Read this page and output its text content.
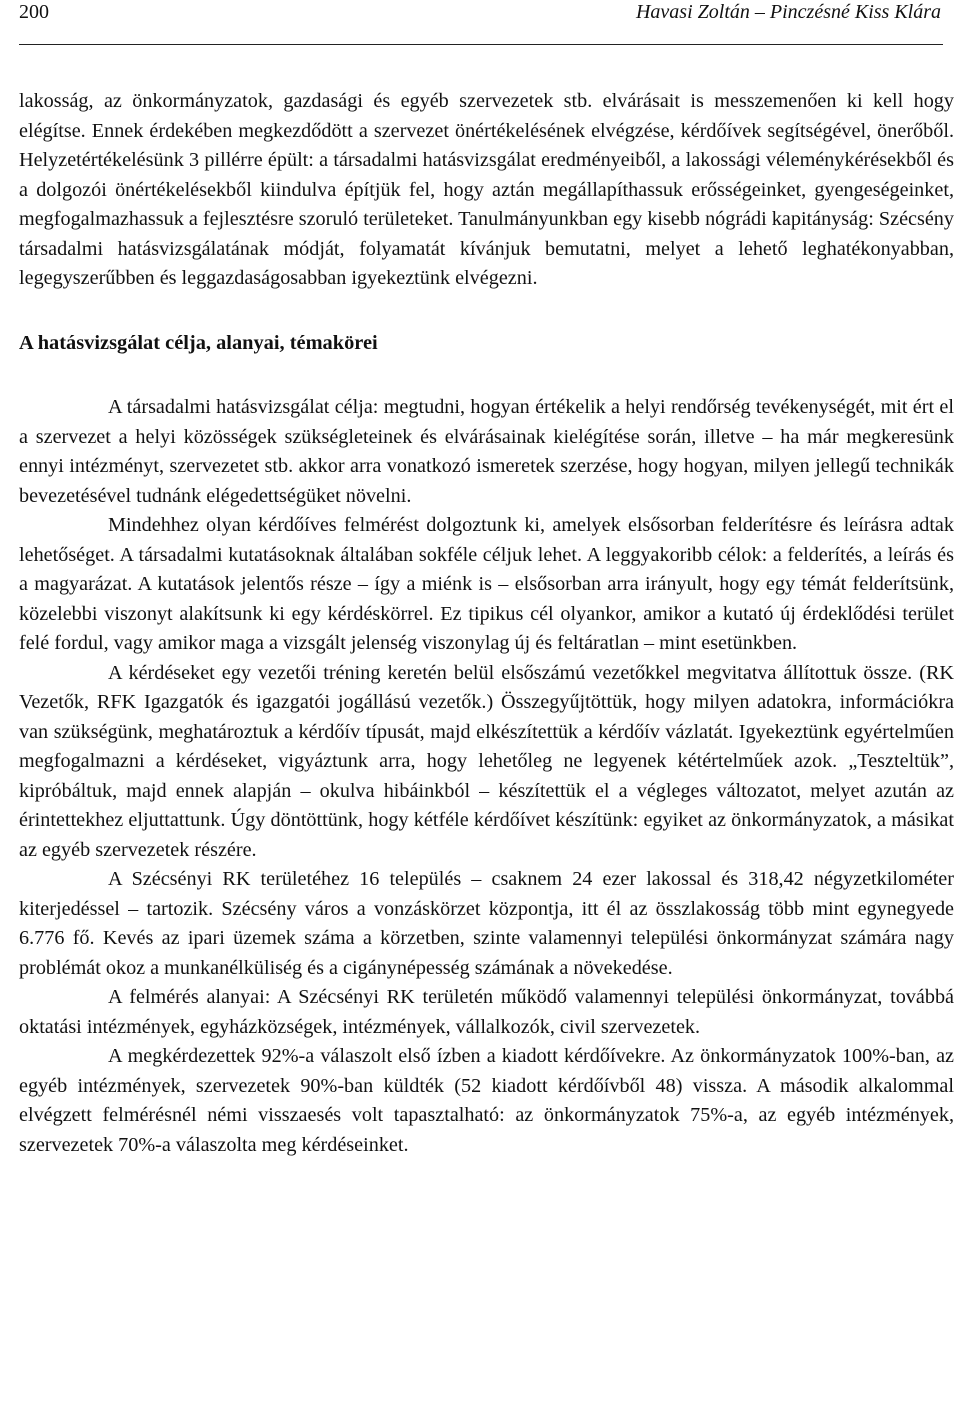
200	Havasi Zoltán – Pinczésné Kiss Klára

lakosság, az önkormányzatok, gazdasági és egyéb szervezetek stb. elvárásait is messzemenően ki kell hogy elégítse. Ennek érdekében megkezdődött a szervezet önértékelésének elvégzése, kérdőívek segítségével, önerőből. Helyzetértékelésünk 3 pillérre épült: a társadalmi hatásvizsgálat eredményeiből, a lakossági véleménykérésekből és a dolgozói önértékelésekből kiindulva építjük fel, hogy aztán megállapíthassuk erősségeinket, gyengeségeinket, megfogalmazhassuk a fejlesztésre szoruló területeket. Tanulmányunkban egy kisebb nógrádi kapitányság: Szécsény társadalmi hatásvizsgálatának módját, folyamatát kívánjuk bemutatni, melyet a lehető leghatékonyabban, legegyszerűbben és leggazdaságosabban igyekeztünk elvégezni.

A hatásvizsgálat célja, alanyai, témakörei

A társadalmi hatásvizsgálat célja: megtudni, hogyan értékelik a helyi rendőrség tevékenységét, mit ért el a szervezet a helyi közösségek szükségleteinek és elvárásainak kielégítése során, illetve – ha már megkeresünk ennyi intézményt, szervezetet stb. akkor arra vonatkozó ismeretek szerzése, hogy hogyan, milyen jellegű technikák bevezetésével tudnánk elégedettségüket növelni.

Mindehhez olyan kérdőíves felmérést dolgoztunk ki, amelyek elsősorban felderítésre és leírásra adtak lehetőséget. A társadalmi kutatásoknak általában sokféle céljuk lehet. A leggyakoribb célok: a felderítés, a leírás és a magyarázat. A kutatások jelentős része – így a miénk is – elsősorban arra irányult, hogy egy témát felderítsünk, közelebbi viszonyt alakítsunk ki egy kérdéskörrel. Ez tipikus cél olyankor, amikor a kutató új érdeklődési terület felé fordul, vagy amikor maga a vizsgált jelenség viszonylag új és feltáratlan – mint esetünkben.

A kérdéseket egy vezetői tréning keretén belül elsőszámú vezetőkkel megvitatva állítottuk össze. (RK Vezetők, RFK Igazgatók és igazgatói jogállású vezetők.) Összegyűjtöttük, hogy milyen adatokra, információkra van szükségünk, meghatároztuk a kérdőív típusát, majd elkészítettük a kérdőív vázlatát. Igyekeztünk egyértelműen megfogalmazni a kérdéseket, vigyáztunk arra, hogy lehetőleg ne legyenek kétértelműek azok. „Teszteltük”, kipróbáltuk, majd ennek alapján – okulva hibáinkból – készítettük el a végleges változatot, melyet azután az érintettekhez eljuttattunk. Úgy döntöttünk, hogy kétféle kérdőívet készítünk: egyiket az önkormányzatok, a másikat az egyéb szervezetek részére.

A Szécsényi RK területéhez 16 település – csaknem 24 ezer lakossal és 318,42 négyzetkilométer kiterjedéssel – tartozik. Szécsény város a vonzáskörzet központja, itt él az összlakosság több mint egynegyede 6.776 fő. Kevés az ipari üzemek száma a körzetben, szinte valamennyi települési önkormányzat számára nagy problémát okoz a munkanélküliség és a cigánynépesség számának a növekedése.

A felmérés alanyai: A Szécsényi RK területén működő valamennyi települési önkormányzat, továbbá oktatási intézmények, egyházközségek, intézmények, vállalkozók, civil szervezetek.

A megkérdezettek 92%-a válaszolt első ízben a kiadott kérdőívekre. Az önkormányzatok 100%-ban, az egyéb intézmények, szervezetek 90%-ban küldték (52 kiadott kérdőívből 48) vissza. A második alkalommal elvégzett felmérésnél némi visszaesés volt tapasztalható: az önkormányzatok 75%-a, az egyéb intézmények, szervezetek 70%-a válaszolta meg kérdéseinket.
